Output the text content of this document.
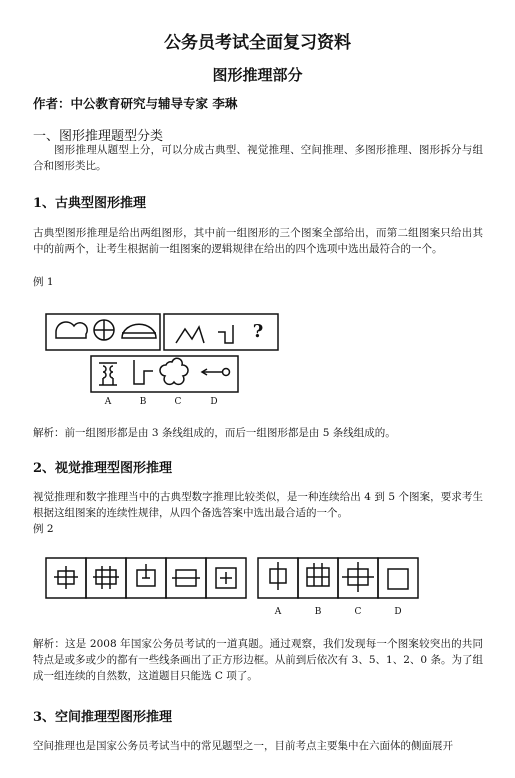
公务员考试全面复习资料
图形推理部分
作者：中公教育研究与辅导专家 李琳
一、图形推理题型分类
图形推理从题型上分，可以分成古典型、视觉推理、空间推理、多图形推理、图形拆分与组合和图形类比。
1、古典型图形推理
古典型图形推理是给出两组图形，其中前一组图形的三个图案全部给出，而第二组图案只给出其中的前两个，让考生根据前一组图案的逻辑规律在给出的四个选项中选出最符合的一个。
例 1
?
A	B	C	D
解析：前一组图形都是由 3 条线组成的，而后一组图形都是由 5 条线组成的。
2、视觉推理型图形推理
视觉推理和数字推理当中的古典型数字推理比较类似，是一种连续给出 4 到 5 个图案，要求考生根据这组图案的连续性规律，从四个备选答案中选出最合适的一个。
例 2
A	B	C	D
解析：这是 2008 年国家公务员考试的一道真题。通过观察，我们发现每一个图案较突出的共同特点是或多或少的都有一些线条画出了正方形边框。从前到后依次有 3、5、1、2、0 条。为了组成一组连续的自然数，这道题目只能选 C 项了。
3、空间推理型图形推理
空间推理也是国家公务员考试当中的常见题型之一，目前考点主要集中在六面体的侧面展开
